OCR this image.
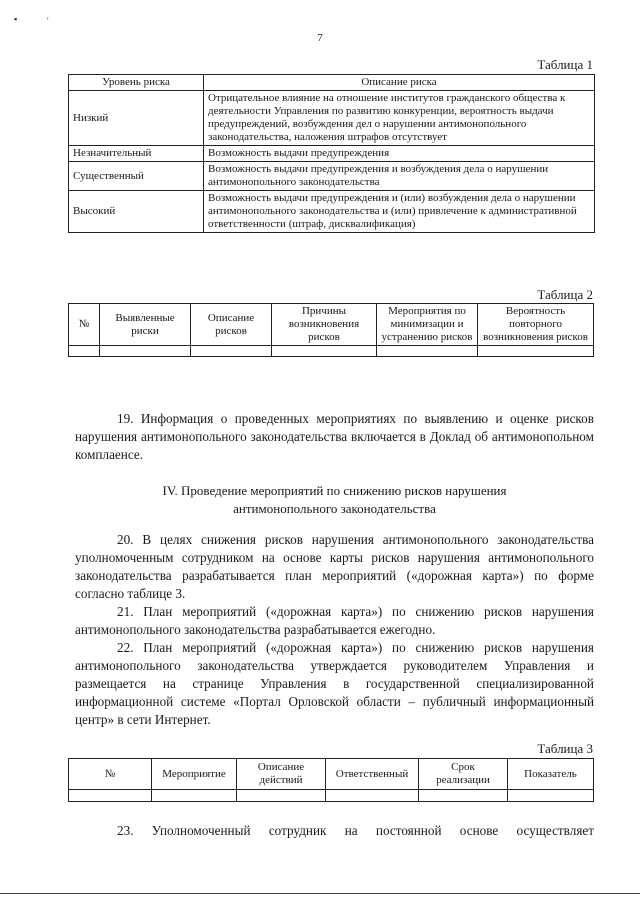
▪	'
7
Таблица 1
Уровень риска	Описание риска
Низкий	Отрицательное влияние на отношение институтов гражданского общества к деятельности Управления по развитию конкуренции, вероятность выдачи предупреждений, возбуждения дел о нарушении антимонопольного законодательства, наложения штрафов отсутствует
Незначительный	Возможность выдачи предупреждения
Существенный	Возможность выдачи предупреждения и возбуждения дела о нарушении антимонопольного законодательства
Высокий	Возможность выдачи предупреждения и (или) возбуждения дела о нарушении антимонопольного законодательства и (или) привлечение к административной ответственности (штраф, дисквалификация)
Таблица 2
№	Выявленные риски	Описание рисков	Причины возникновения рисков	Мероприятия по минимизации и устранению рисков	Вероятность повторного возникновения рисков

19. Информация о проведенных мероприятиях по выявлению и оценке рисков нарушения антимонопольного законодательства включается в Доклад об антимонопольном комплаенсе.

IV. Проведение мероприятий по снижению рисков нарушения
антимонопольного законодательства

20. В целях снижения рисков нарушения антимонопольного законодательства уполномоченным сотрудником на основе карты рисков нарушения антимонопольного законодательства разрабатывается план мероприятий («дорожная карта») по форме согласно таблице 3.

21. План мероприятий («дорожная карта») по снижению рисков нарушения антимонопольного законодательства разрабатывается ежегодно.

22. План мероприятий («дорожная карта») по снижению рисков нарушения антимонопольного законодательства утверждается руководителем Управления и размещается на странице Управления в государственной специализированной информационной системе «Портал Орловской области – публичный информационный центр» в сети Интернет.

Таблица 3
№	Мероприятие	Описание действий	Ответственный	Срок реализации	Показатель

23. Уполномоченный сотрудник на постоянной основе осуществляет
